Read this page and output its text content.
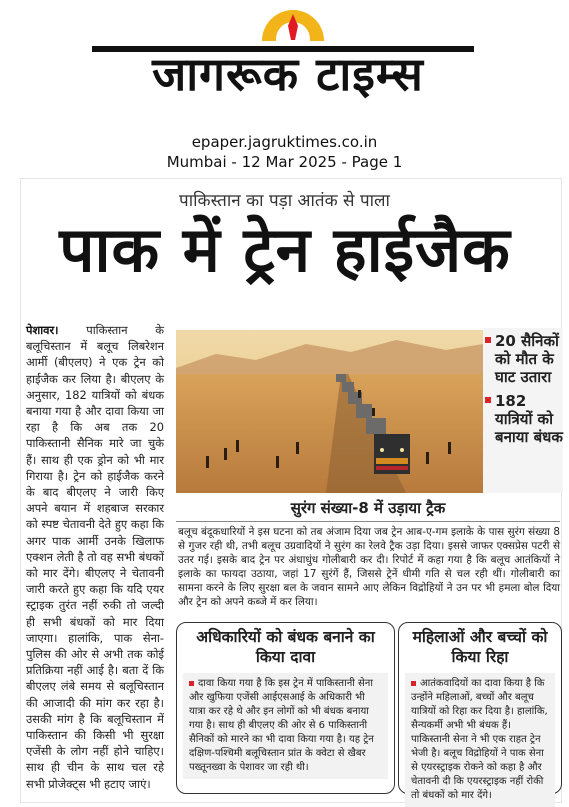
जागरूक टाइम्स
epaper.jagruktimes.co.in
Mumbai - 12 Mar 2025 - Page 1
पाकिस्तान का पड़ा आतंक से पाला
पाक में ट्रेन हाईजैक
पेशावर। पाकिस्तान के बलूचिस्तान में बलूच लिबरेशन आर्मी (बीएलए) ने एक ट्रेन को हाईजैक कर लिया है। बीएलए के अनुसार, 182 यात्रियों को बंधक बनाया गया है और दावा किया जा रहा है कि अब तक 20 पाकिस्तानी सैनिक मारे जा चुके हैं। साथ ही एक ड्रोन को भी मार गिराया है। ट्रेन को हाईजैक करने के बाद बीएलए ने जारी किए अपने बयान में शहबाज सरकार को स्पष्ट चेतावनी देते हुए कहा कि अगर पाक आर्मी उनके खिलाफ एक्शन लेती है तो वह सभी बंधकों को मार देंगे। बीएलए ने चेतावनी जारी करते हुए कहा कि यदि एयर स्ट्राइक तुरंत नहीं रुकी तो जल्दी ही सभी बंधकों को मार दिया जाएगा। हालांकि, पाक सेना-पुलिस की ओर से अभी तक कोई प्रतिक्रिया नहीं आई है। बता दें कि बीएलए लंबे समय से बलूचिस्तान की आजादी की मांग कर रहा है। उसकी मांग है कि बलूचिस्तान में पाकिस्तान की किसी भी सुरक्षा एजेंसी के लोग नहीं होने चाहिए। साथ ही चीन के साथ चल रहे सभी प्रोजेक्ट्स भी हटाए जाएं।
20 सैनिकों को मौत के घाट उतारा
182 यात्रियों को बनाया बंधक
सुरंग संख्या-8 में उड़ाया ट्रैक
बलूच बंदूकधारियों ने इस घटना को तब अंजाम दिया जब ट्रेन आब-ए-गम इलाके के पास सुरंग संख्या 8 से गुजर रही थी, तभी बलूच उग्रवादियों ने सुरंग का रेलवे ट्रैक उड़ा दिया। इससे जाफर एक्सप्रेस पटरी से उतर गई। इसके बाद ट्रेन पर अंधाधुंध गोलीबारी कर दी। रिपोर्ट में कहा गया है कि बलूच आतंकियों ने इलाके का फायदा उठाया, जहां 17 सुरंगें हैं, जिससे ट्रेनें धीमी गति से चल रही थीं। गोलीबारी का सामना करने के लिए सुरक्षा बल के जवान सामने आए लेकिन विद्रोहियों ने उन पर भी हमला बोल दिया और ट्रेन को अपने कब्जे में कर लिया।
अधिकारियों को बंधक बनाने का किया दावा
दावा किया गया है कि इस ट्रेन में पाकिस्तानी सेना और खुफिया एजेंसी आईएसआई के अधिकारी भी यात्रा कर रहे थे और इन लोगों को भी बंधक बनाया गया है। साथ ही बीएलए की ओर से 6 पाकिस्तानी सैनिकों को मारने का भी दावा किया गया है। यह ट्रेन दक्षिण-पश्चिमी बलूचिस्तान प्रांत के क्वेटा से खैबर पख्तूनख्वा के पेशावर जा रही थी।
महिलाओं और बच्चों को किया रिहा
आतंकवादियों का दावा किया है कि उन्होंने महिलाओं, बच्चों और बलूच यात्रियों को रिहा कर दिया है। हालांकि, सैन्यकर्मी अभी भी बंधक हैं। पाकिस्तानी सेना ने भी एक राहत ट्रेन भेजी है। बलूच विद्रोहियों ने पाक सेना से एयरस्ट्राइक रोकने को कहा है और चेतावनी दी कि एयरस्ट्राइक नहीं रोकी तो बंधकों को मार देंगे।
